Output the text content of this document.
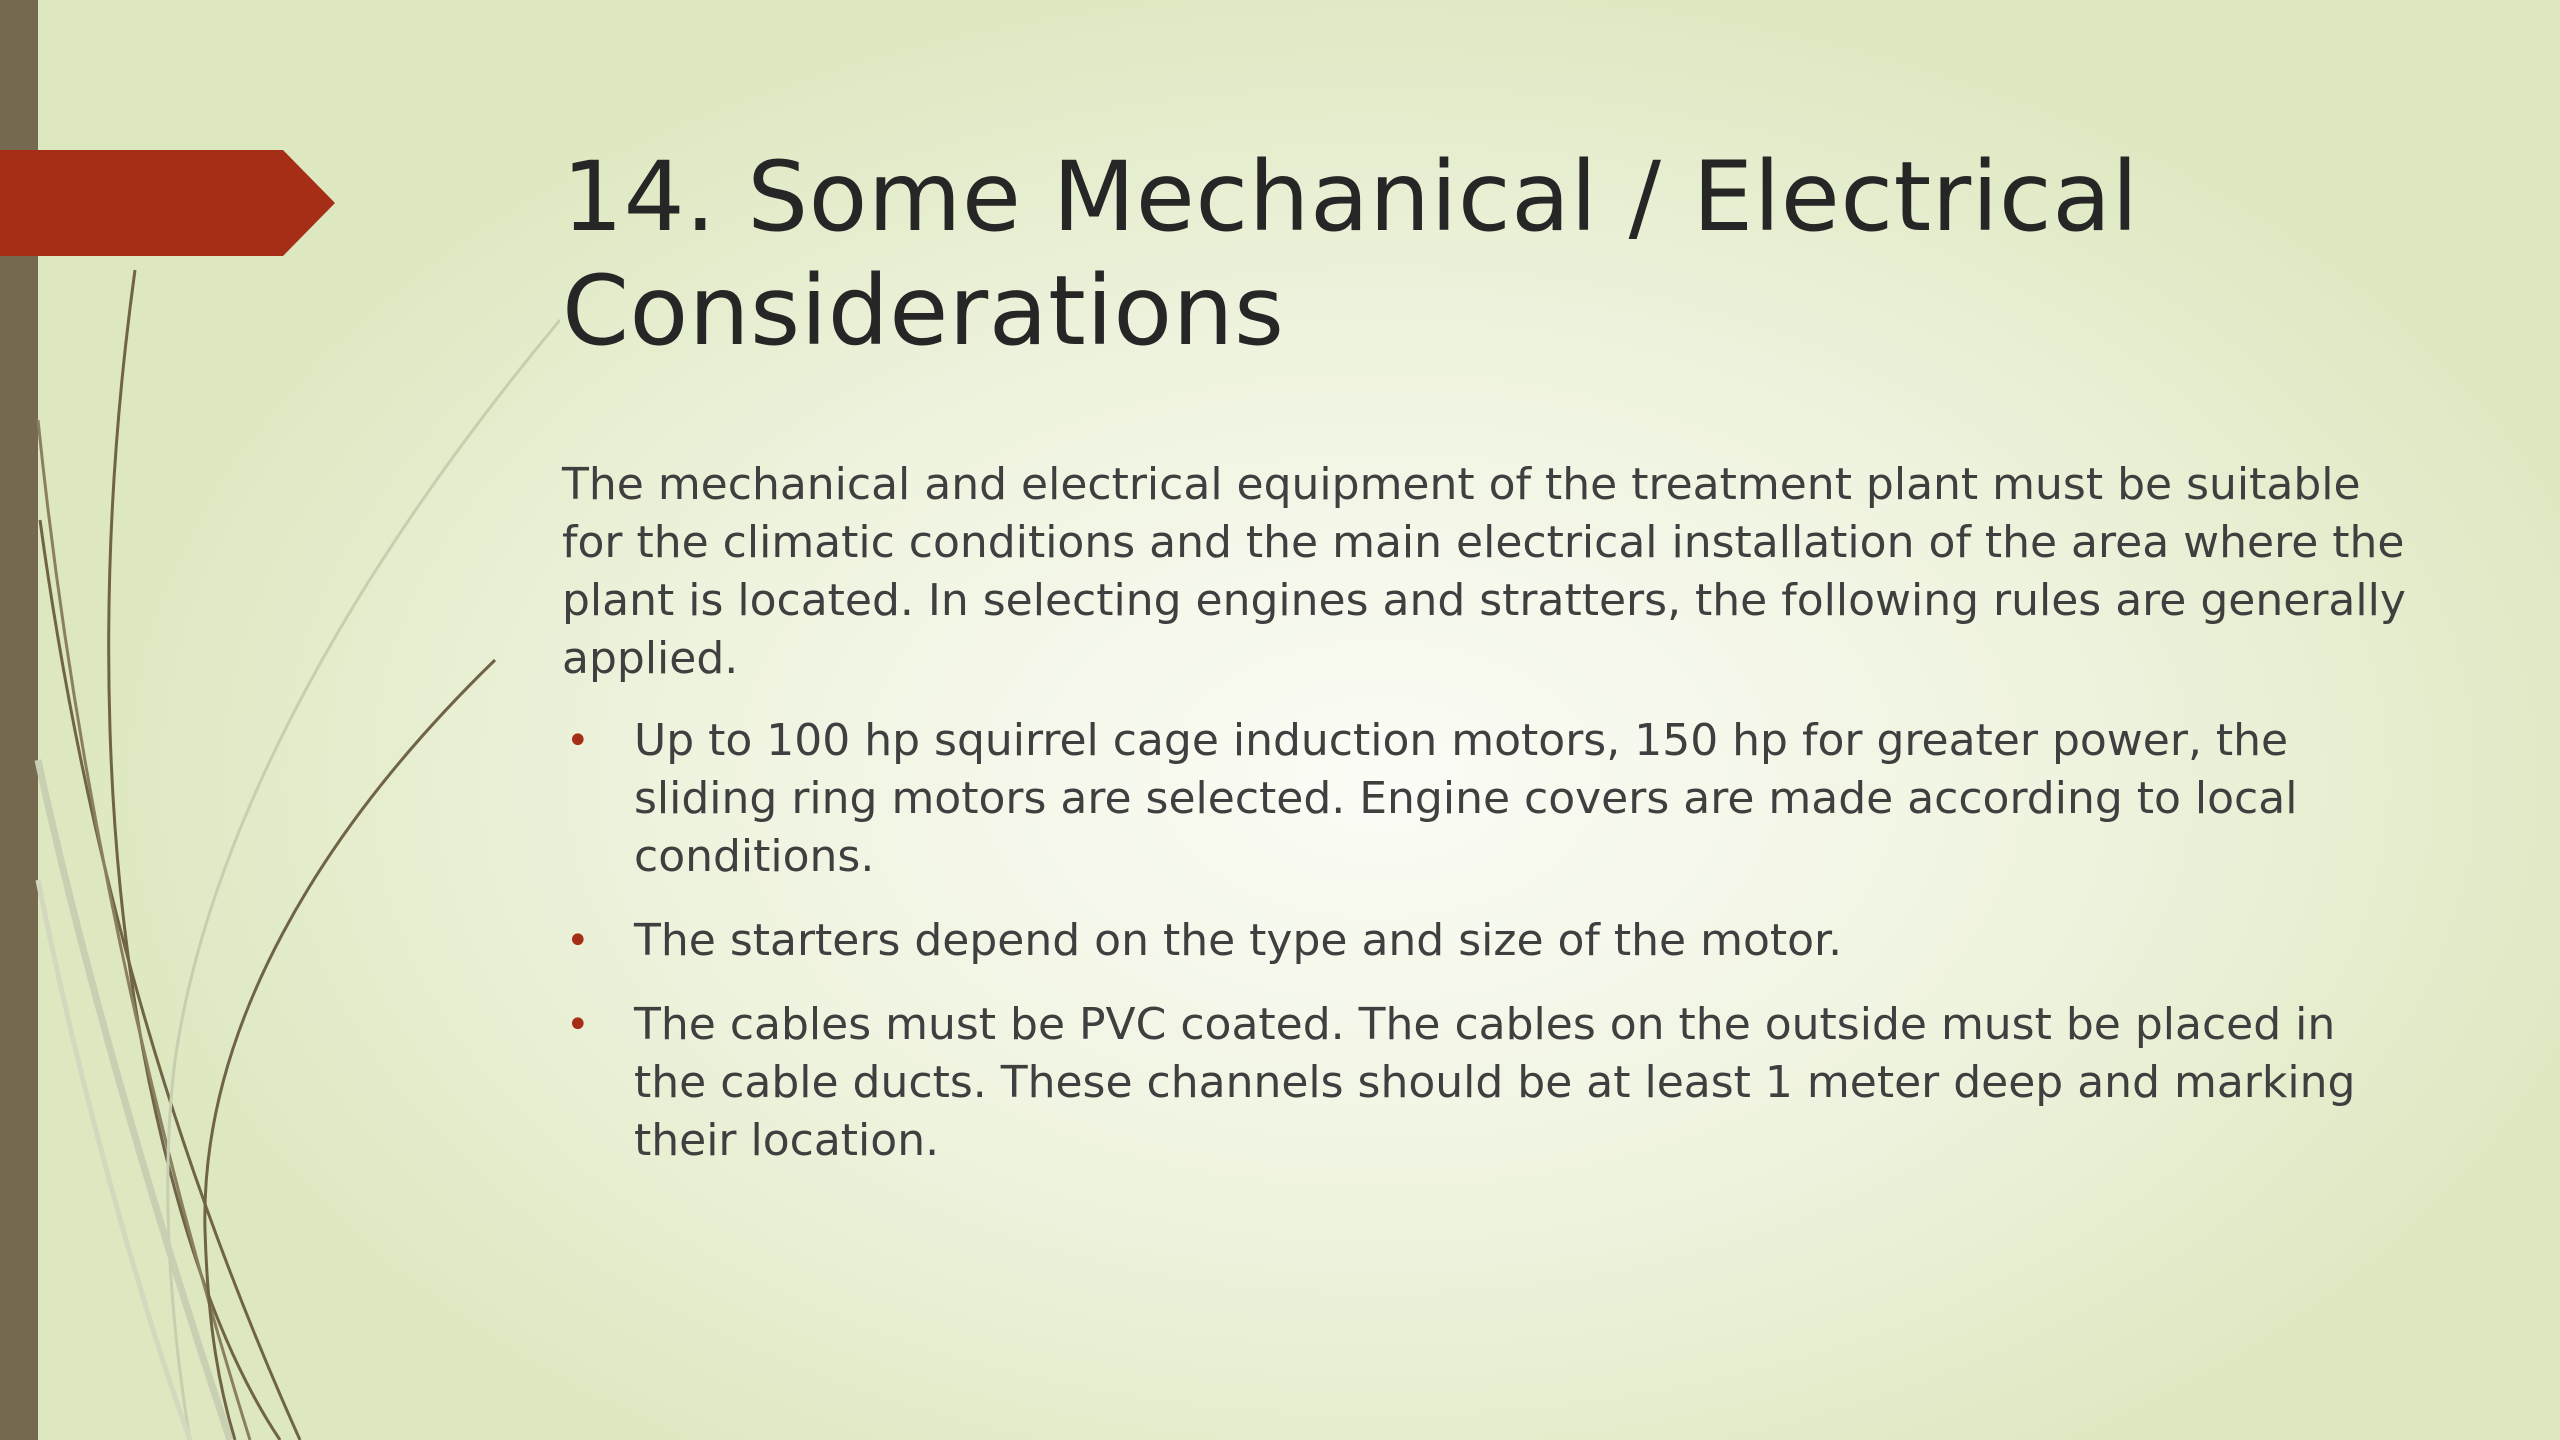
14. Some Mechanical / Electrical Considerations

The mechanical and electrical equipment of the treatment plant must be suitable for the climatic conditions and the main electrical installation of the area where the plant is located. In selecting engines and stratters, the following rules are generally applied.

• Up to 100 hp squirrel cage induction motors, 150 hp for greater power, the sliding ring motors are selected. Engine covers are made according to local conditions.
• The starters depend on the type and size of the motor.
• The cables must be PVC coated. The cables on the outside must be placed in the cable ducts. These channels should be at least 1 meter deep and marking their location.
